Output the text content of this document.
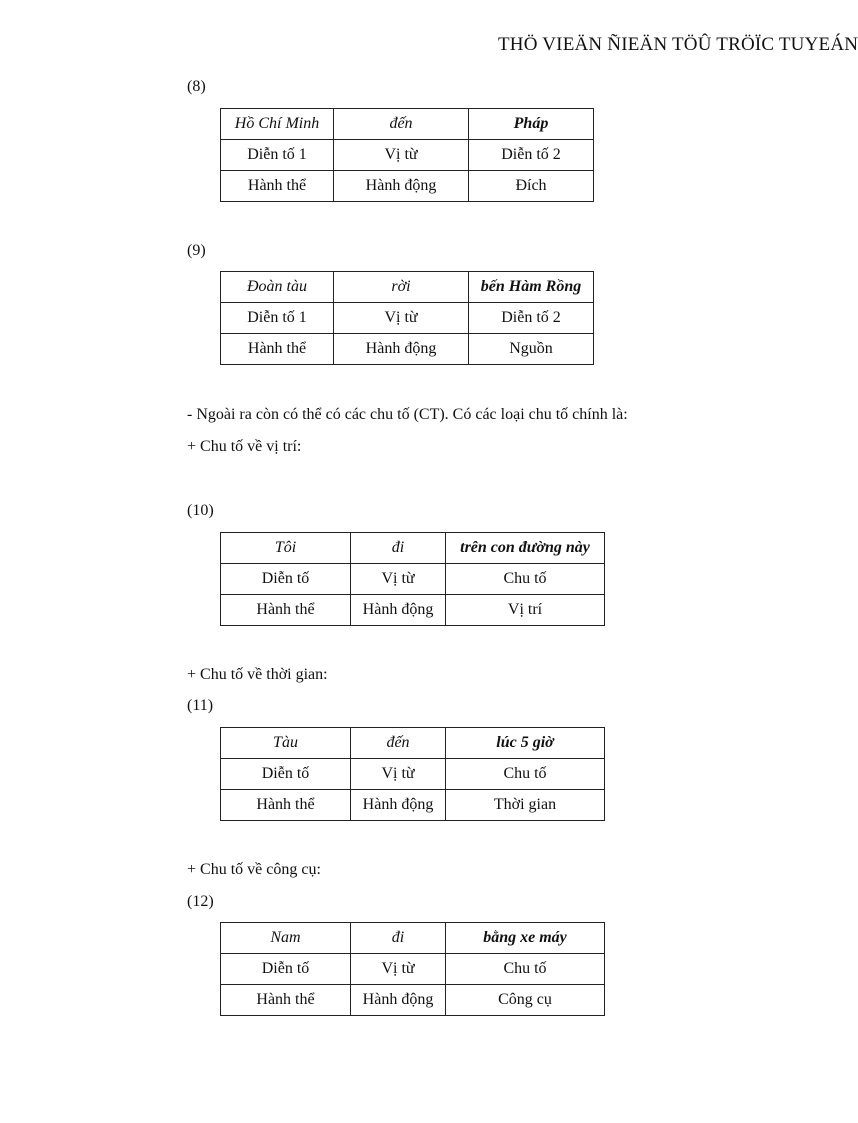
THÖ VIEÄN ÑIEÄN TÖÛ TRÖÏC TUYEÁN
(8)
Hồ Chí Minh	đến	Pháp
Diễn tố 1	Vị từ	Diễn tố 2
Hành thể	Hành động	Đích
(9)
Đoàn tàu	rời	bến Hàm Rồng
Diễn tố 1	Vị từ	Diễn tố 2
Hành thể	Hành động	Nguồn
- Ngoài ra còn có thể có các chu tố (CT). Có các loại chu tố chính là:
+ Chu tố về vị trí:
(10)
Tôi	đi	trên con đường này
Diễn tố	Vị từ	Chu tố
Hành thể	Hành động	Vị trí
+ Chu tố về thời gian:
(11)
Tàu	đến	lúc 5 giờ
Diễn tố	Vị từ	Chu tố
Hành thể	Hành động	Thời gian
+ Chu tố về công cụ:
(12)
Nam	đi	bằng xe máy
Diễn tố	Vị từ	Chu tố
Hành thể	Hành động	Công cụ
